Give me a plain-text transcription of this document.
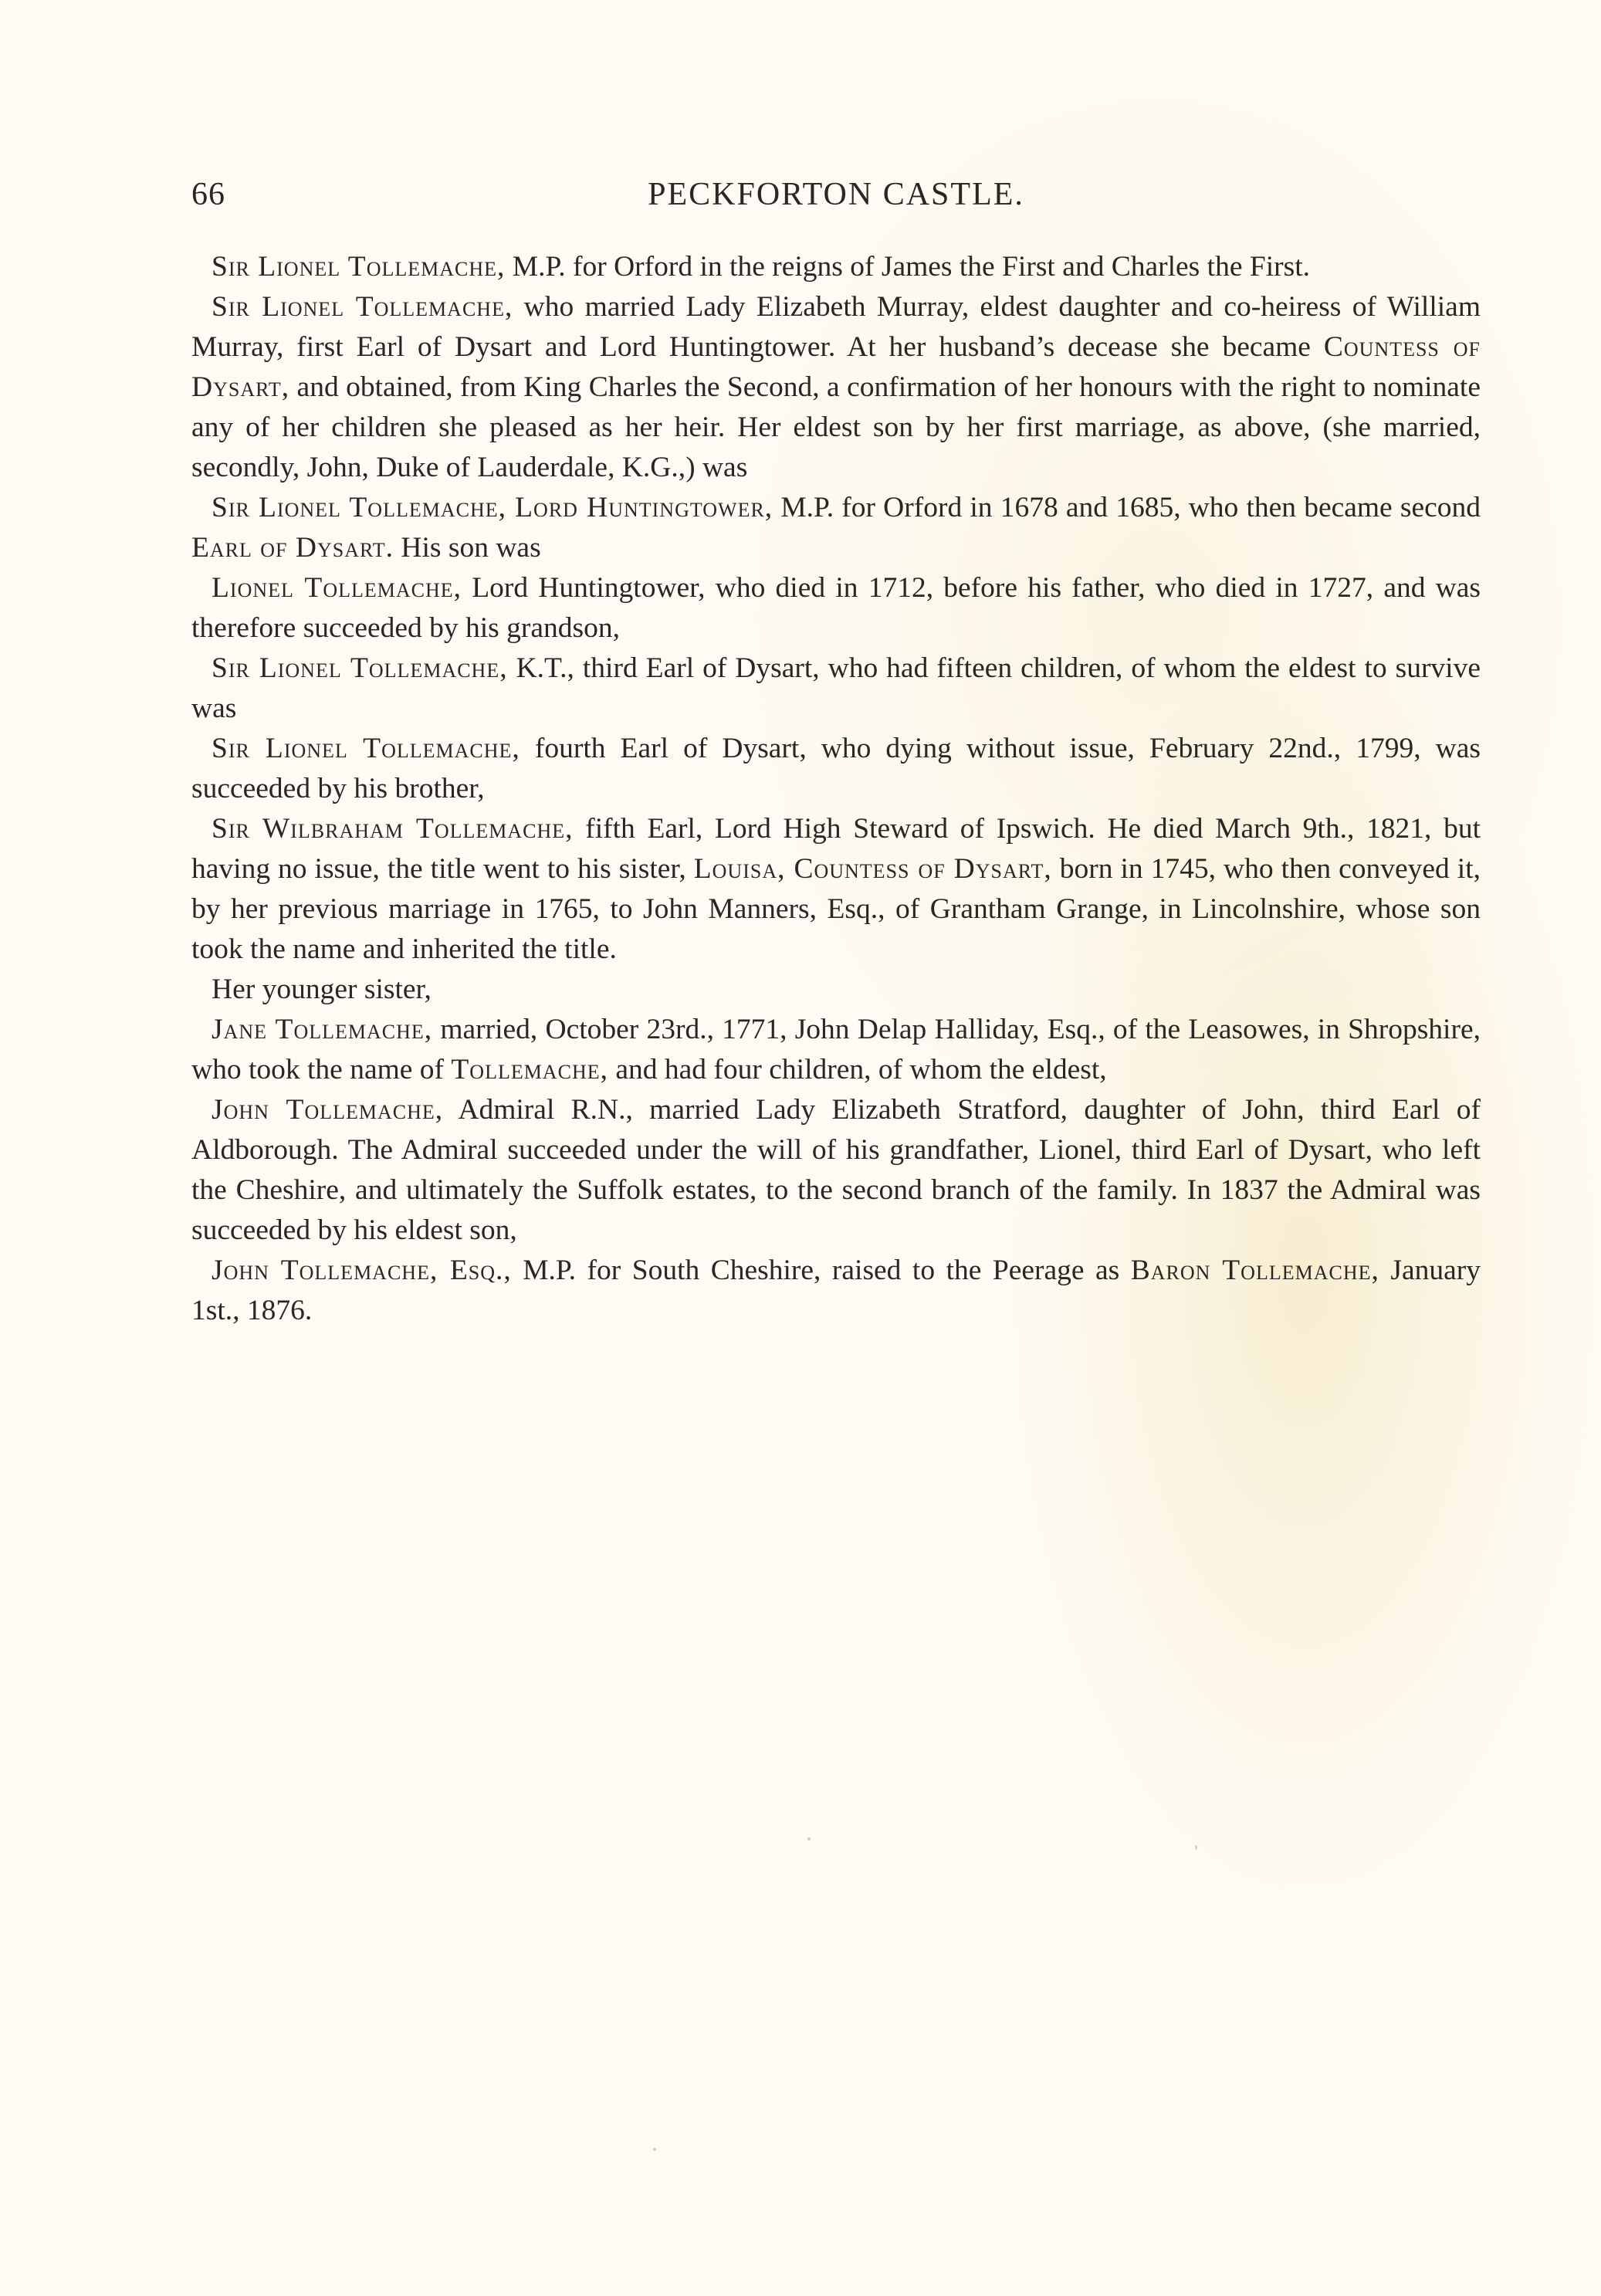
66	PECKFORTON CASTLE.

Sir Lionel Tollemache, M.P. for Orford in the reigns of James the First and Charles the First.

Sir Lionel Tollemache, who married Lady Elizabeth Murray, eldest daughter and co-heiress of William Murray, first Earl of Dysart and Lord Huntingtower. At her husband’s decease she became Countess of Dysart, and obtained, from King Charles the Second, a confirmation of her honours with the right to nominate any of her children she pleased as her heir. Her eldest son by her first marriage, as above, (she married, secondly, John, Duke of Lauderdale, K.G.,) was

Sir Lionel Tollemache, Lord Huntingtower, M.P. for Orford in 1678 and 1685, who then became second Earl of Dysart. His son was

Lionel Tollemache, Lord Huntingtower, who died in 1712, before his father, who died in 1727, and was therefore succeeded by his grandson,

Sir Lionel Tollemache, K.T., third Earl of Dysart, who had fifteen children, of whom the eldest to survive was

Sir Lionel Tollemache, fourth Earl of Dysart, who dying without issue, February 22nd., 1799, was succeeded by his brother,

Sir Wilbraham Tollemache, fifth Earl, Lord High Steward of Ipswich. He died March 9th., 1821, but having no issue, the title went to his sister, Louisa, Countess of Dysart, born in 1745, who then conveyed it, by her previous marriage in 1765, to John Manners, Esq., of Grantham Grange, in Lincolnshire, whose son took the name and inherited the title.

Her younger sister,

Jane Tollemache, married, October 23rd., 1771, John Delap Halliday, Esq., of the Leasowes, in Shropshire, who took the name of Tollemache, and had four children, of whom the eldest,

John Tollemache, Admiral R.N., married Lady Elizabeth Stratford, daughter of John, third Earl of Aldborough. The Admiral succeeded under the will of his grandfather, Lionel, third Earl of Dysart, who left the Cheshire, and ultimately the Suffolk estates, to the second branch of the family. In 1837 the Admiral was succeeded by his eldest son,

John Tollemache, Esq., M.P. for South Cheshire, raised to the Peerage as Baron Tollemache, January 1st., 1876.
